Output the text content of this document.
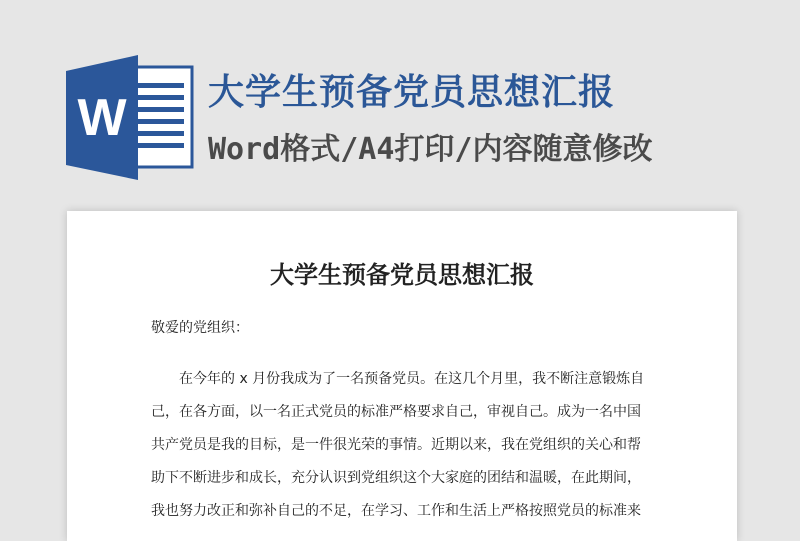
W 大学生预备党员思想汇报

Word格式/A4打印/内容随意修改

大学生预备党员思想汇报

敬爱的党组织：

在今年的 x 月份我成为了一名预备党员。在这几个月里，我不断注意锻炼自

己，在各方面，以一名正式党员的标准严格要求自己，审视自己。成为一名中国

共产党员是我的目标，是一件很光荣的事情。近期以来，我在党组织的关心和帮

助下不断进步和成长，充分认识到党组织这个大家庭的团结和温暖，在此期间，

我也努力改正和弥补自己的不足，在学习、工作和生活上严格按照党员的标准来
